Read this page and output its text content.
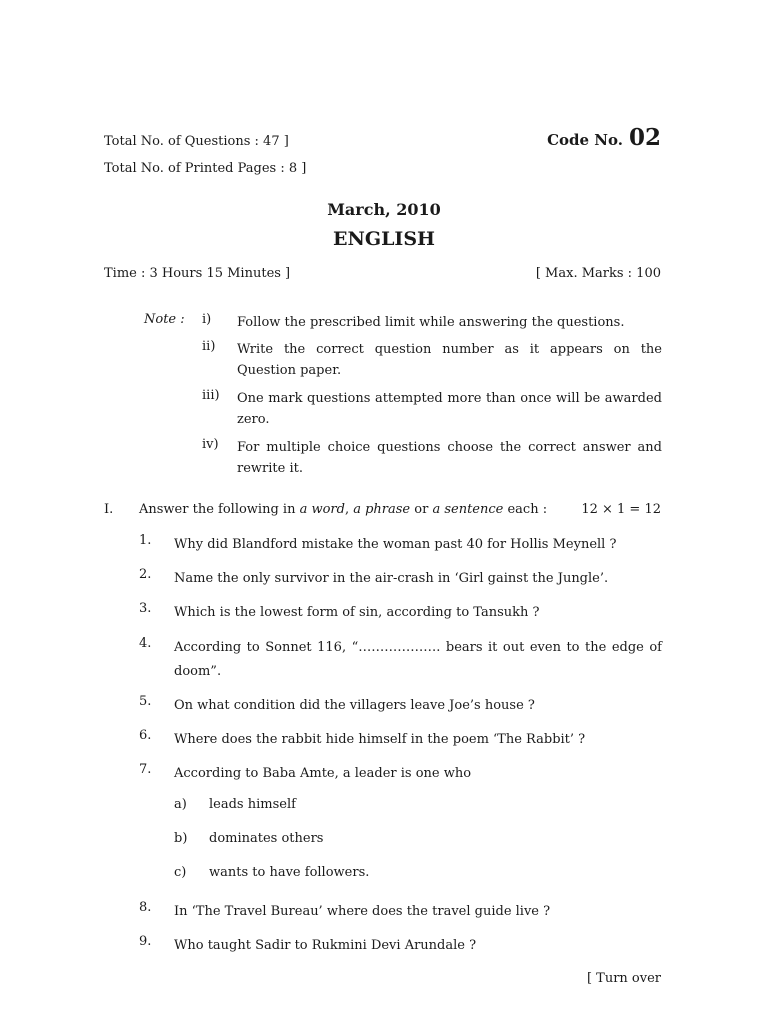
Total No. of Questions : 47 ]
Total No. of Printed Pages : 8 ]
Code No. 02
March, 2010
ENGLISH
Time : 3 Hours 15 Minutes ]	[ Max. Marks : 100
Note : i)	Follow the prescribed limit while answering the questions.
ii)	Write the correct question number as it appears on the Question paper.
iii)	One mark questions attempted more than once will be awarded zero.
iv)	For multiple choice questions choose the correct answer and rewrite it.
I. Answer the following in a word, a phrase or a sentence each :	12 × 1 = 12
1. Why did Blandford mistake the woman past 40 for Hollis Meynell ?
2. Name the only survivor in the air-crash in ‘Girl gainst the Jungle’.
3. Which is the lowest form of sin, according to Tansukh ?
4. According to Sonnet 116, “………………. bears it out even to the edge of doom”.
5. On what condition did the villagers leave Joe’s house ?
6. Where does the rabbit hide himself in the poem ‘The Rabbit’ ?
7. According to Baba Amte, a leader is one who
a) leads himself
b) dominates others
c) wants to have followers.
8. In ‘The Travel Bureau’ where does the travel guide live ?
9. Who taught Sadir to Rukmini Devi Arundale ?
[ Turn over
